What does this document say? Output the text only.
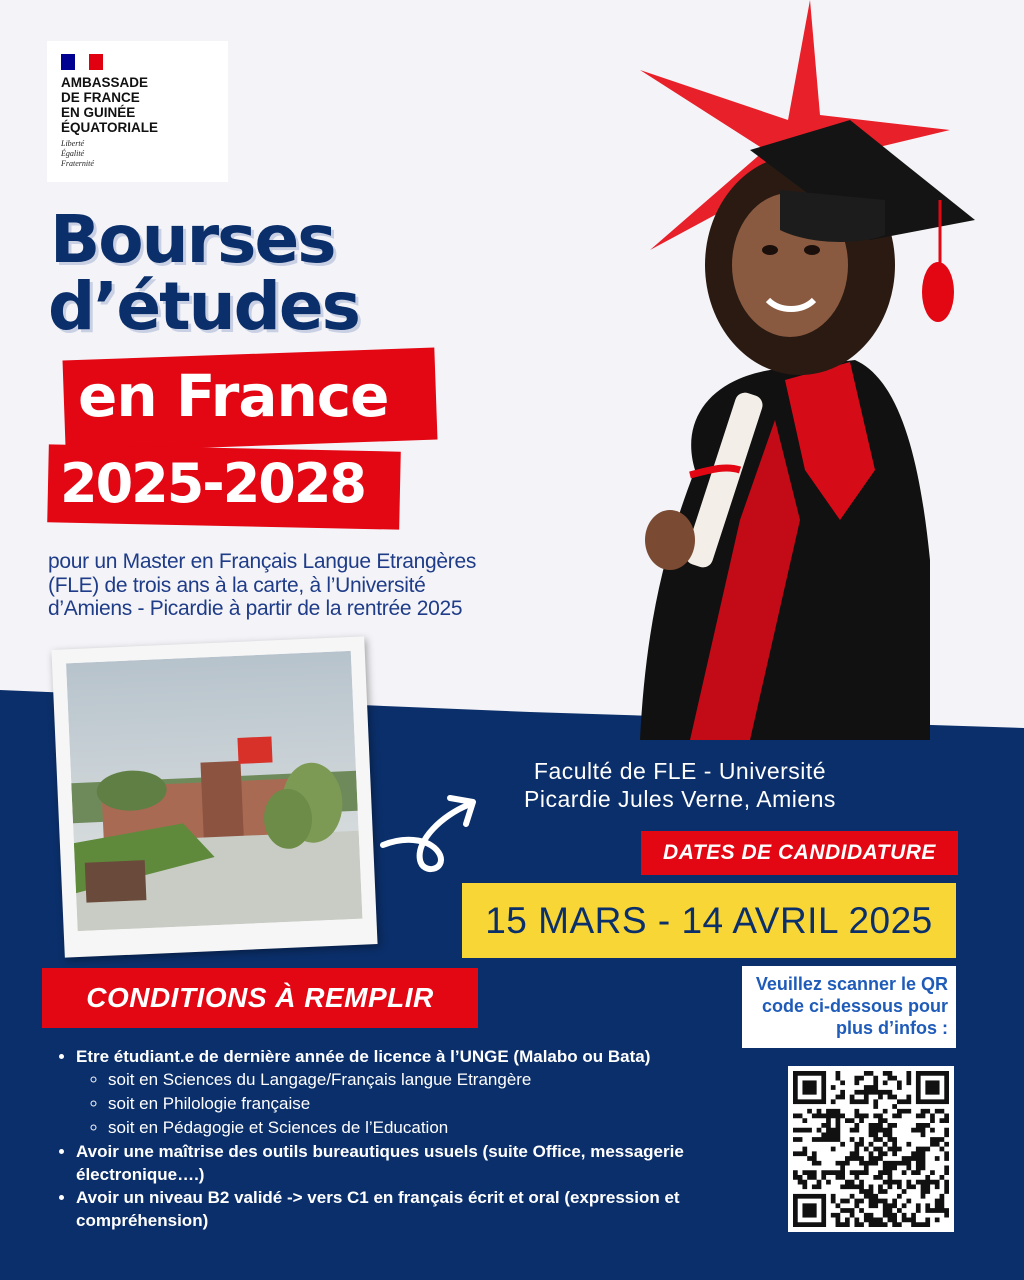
AMBASSADE
DE FRANCE
EN GUINÉE
ÉQUATORIALE
Liberté
Égalité
Fraternité
Bourses
d’études
en France
2025-2028
pour un Master en Français Langue Etrangères (FLE) de trois ans à la carte, à l’Université d’Amiens - Picardie à partir de la rentrée 2025
Faculté de FLE - Université
Picardie Jules Verne, Amiens
DATES DE CANDIDATURE
15 MARS - 14 AVRIL 2025
CONDITIONS À REMPLIR
• Etre étudiant.e de dernière année de licence à l’UNGE (Malabo ou Bata)
◦ soit en Sciences du Langage/Français langue Etrangère
◦ soit en Philologie française
◦ soit en Pédagogie et Sciences de l’Education
• Avoir une maîtrise des outils bureautiques usuels (suite Office, messagerie électronique….)
• Avoir un niveau B2 validé -> vers C1 en français écrit et oral (expression et compréhension)
Veuillez scanner le QR code ci-dessous pour plus d’infos :
